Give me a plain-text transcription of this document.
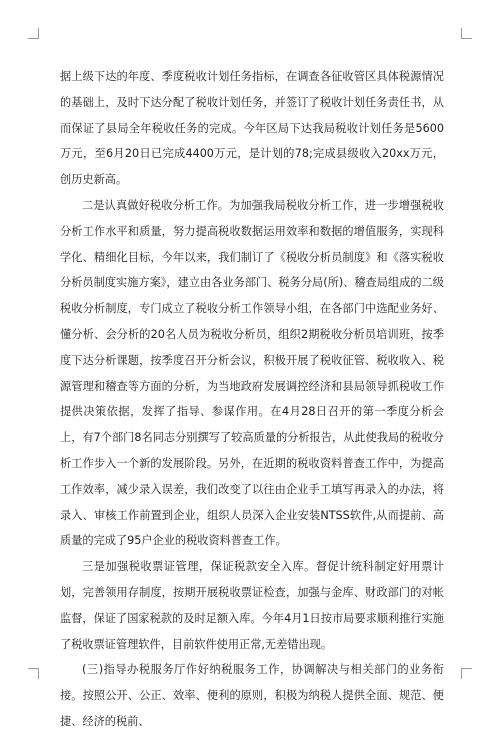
据上级下达的年度、季度税收计划任务指标，在调查各征收管区具体税源情况的基础上，及时下达分配了税收计划任务，并签订了税收计划任务责任书，从而保证了县局全年税收任务的完成。今年区局下达我局税收计划任务是5600万元，至6月20日已完成4400万元，是计划的78;完成县级收入20xx万元，创历史新高。

二是认真做好税收分析工作。为加强我局税收分析工作，进一步增强税收分析工作水平和质量，努力提高税收数据运用效率和数据的增值服务，实现科学化、精细化目标，今年以来，我们制订了《税收分析员制度》和《落实税收分析员制度实施方案》，建立由各业务部门、税务分局(所)、稽查局组成的二级税收分析制度，专门成立了税收分析工作领导小组，在各部门中选配业务好、懂分析、会分析的20名人员为税收分析员，组织2期税收分析员培训班，按季度下达分析课题，按季度召开分析会议，积极开展了税收征管、税收收入、税源管理和稽查等方面的分析，为当地政府发展调控经济和县局领导抓税收工作提供决策依据，发挥了指导、参谋作用。在4月28日召开的第一季度分析会上，有7个部门8名同志分别撰写了较高质量的分析报告，从此使我局的税收分析工作步入一个新的发展阶段。另外，在近期的税收资料普查工作中，为提高工作效率，减少录入误差，我们改变了以往由企业手工填写再录入的办法，将录入、审核工作前置到企业，组织人员深入企业安装NTSS软件,从而提前、高质量的完成了95户企业的税收资料普查工作。

三是加强税收票证管理，保证税款安全入库。督促计统科制定好用票计划，完善领用存制度，按期开展税收票证检查，加强与金库、财政部门的对帐监督，保证了国家税款的及时足额入库。今年4月1日按市局要求顺利推行实施了税收票证管理软件，目前软件使用正常,无差错出现。

(三)指导办税服务厅作好纳税服务工作，协调解决与相关部门的业务衔接。按照公开、公正、效率、便利的原则，积极为纳税人提供全面、规范、便捷、经济的税前、
